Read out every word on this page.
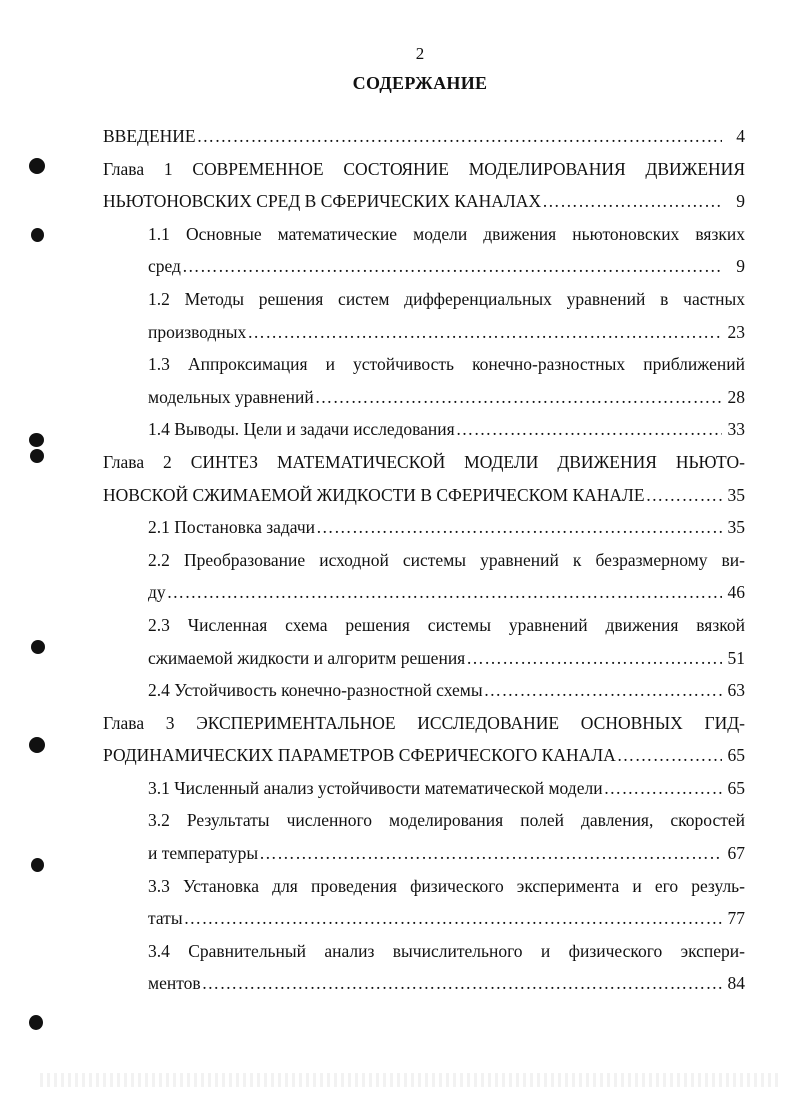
2
СОДЕРЖАНИЕ
ВВЕДЕНИЕ ……………………………………………………………………………………………………………………………………………………………………………	4
Глава 1 СОВРЕМЕННОЕ СОСТОЯНИЕ МОДЕЛИРОВАНИЯ ДВИЖЕНИЯ
НЬЮТОНОВСКИХ СРЕД В СФЕРИЧЕСКИХ КАНАЛАХ ……………………………………………………………………………………………………………………………………………………………………………	9
1.1 Основные математические модели движения ньютоновских вязких
сред ……………………………………………………………………………………………………………………………………………………………………………	9
1.2 Методы решения систем дифференциальных уравнений в частных
производных ……………………………………………………………………………………………………………………………………………………………………………	23
1.3 Аппроксимация и устойчивость конечно-разностных приближений
модельных уравнений ……………………………………………………………………………………………………………………………………………………………………………	28
1.4 Выводы. Цели и задачи исследования ……………………………………………………………………………………………………………………………………………………………………………	33
Глава 2 СИНТЕЗ МАТЕМАТИЧЕСКОЙ МОДЕЛИ ДВИЖЕНИЯ НЬЮТО-
НОВСКОЙ СЖИМАЕМОЙ ЖИДКОСТИ В СФЕРИЧЕСКОМ КАНАЛЕ ……………………………………………………………………………………………………………………………………………………………………………	35
2.1 Постановка задачи ……………………………………………………………………………………………………………………………………………………………………………	35
2.2 Преобразование исходной системы уравнений к безразмерному ви-
ду ……………………………………………………………………………………………………………………………………………………………………………	46
2.3 Численная схема решения системы уравнений движения вязкой
сжимаемой жидкости и алгоритм решения ……………………………………………………………………………………………………………………………………………………………………………	51
2.4 Устойчивость конечно-разностной схемы ……………………………………………………………………………………………………………………………………………………………………………	63
Глава 3 ЭКСПЕРИМЕНТАЛЬНОЕ ИССЛЕДОВАНИЕ ОСНОВНЫХ ГИД-
РОДИНАМИЧЕСКИХ ПАРАМЕТРОВ СФЕРИЧЕСКОГО КАНАЛА ……………………………………………………………………………………………………………………………………………………………………………	65
3.1 Численный анализ устойчивости математической модели ……………………………………………………………………………………………………………………………………………………………………………	65
3.2 Результаты численного моделирования полей давления, скоростей
и температуры ……………………………………………………………………………………………………………………………………………………………………………	67
3.3 Установка для проведения физического эксперимента и его резуль-
таты ……………………………………………………………………………………………………………………………………………………………………………	77
3.4 Сравнительный анализ вычислительного и физического экспери-
ментов ……………………………………………………………………………………………………………………………………………………………………………	84
